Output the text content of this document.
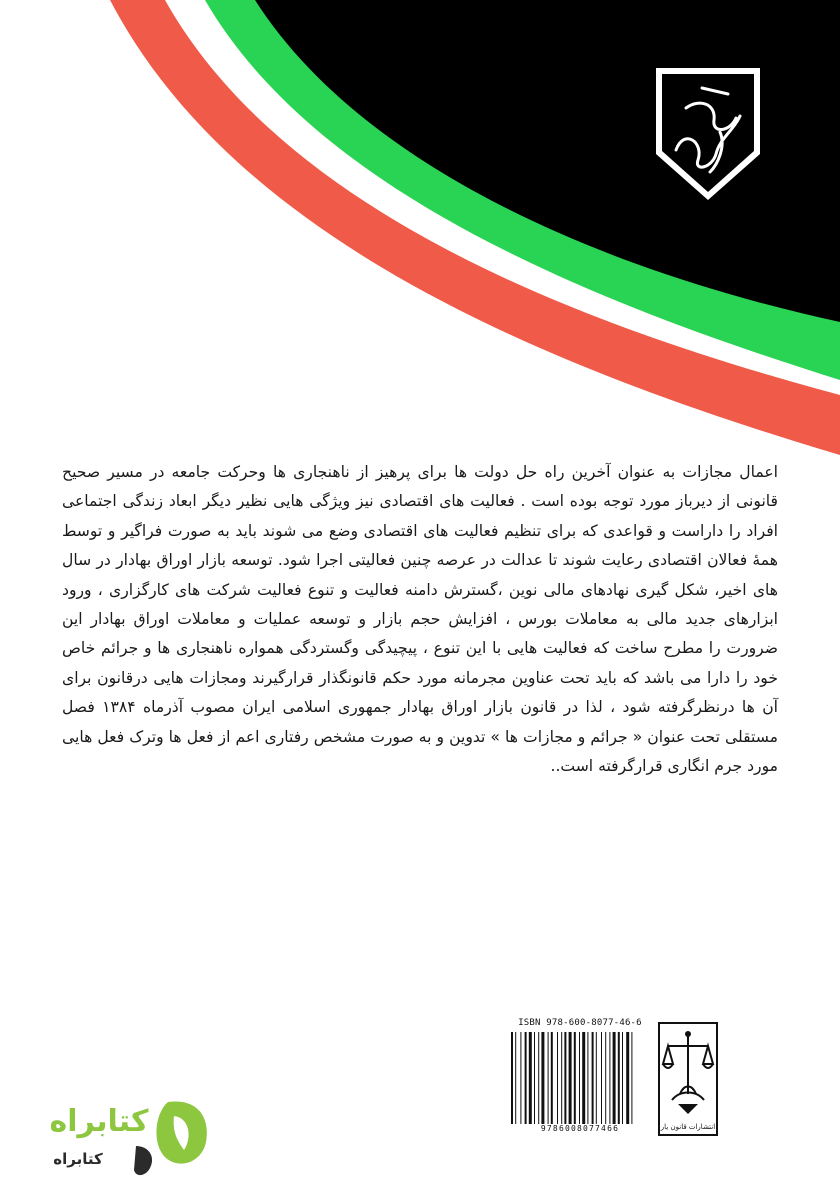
اعمال مجازات به عنوان آخرین راه حل دولت ها برای پرهیز از ناهنجاری ها وحرکت جامعه در مسیر صحیح قانونی از دیرباز مورد توجه بوده است . فعالیت های اقتصادی نیز ویژگی هایی نظیر دیگر ابعاد زندگی اجتماعی افراد را داراست و قواعدی که برای تنظیم فعالیت های اقتصادی وضع می شوند باید به صورت فراگیر و توسط همهٔ فعالان اقتصادی رعایت شوند تا عدالت در عرصه چنین فعالیتی اجرا شود. توسعه بازار اوراق بهادار در سال های اخیر، شکل گیری نهادهای مالی نوین ،گسترش دامنه فعالیت و تنوع فعالیت شرکت های کارگزاری ، ورود ابزارهای جدید مالی به معاملات بورس ، افزایش حجم بازار و توسعه عملیات و معاملات اوراق بهادار این ضرورت را مطرح ساخت که فعالیت هایی با این تنوع ، پیچیدگی وگستردگی همواره ناهنجاری ها و جرائم خاص خود را دارا می باشد که باید تحت عناوین مجرمانه مورد حکم قانونگذار قرارگیرند ومجازات هایی درقانون برای آن ها درنظرگرفته شود ، لذا در قانون بازار اوراق بهادار جمهوری اسلامی ایران مصوب آذرماه ۱۳۸۴ فصل مستقلی تحت عنوان « جرائم و مجازات ها » تدوین و به صورت مشخص رفتاری اعم از فعل ها وترک فعل هایی مورد جرم انگاری قرارگرفته است..

ISBN 978-600-8077-46-6
9786008077466	انتشارات قانون یار
کتابراه
کتابراه
